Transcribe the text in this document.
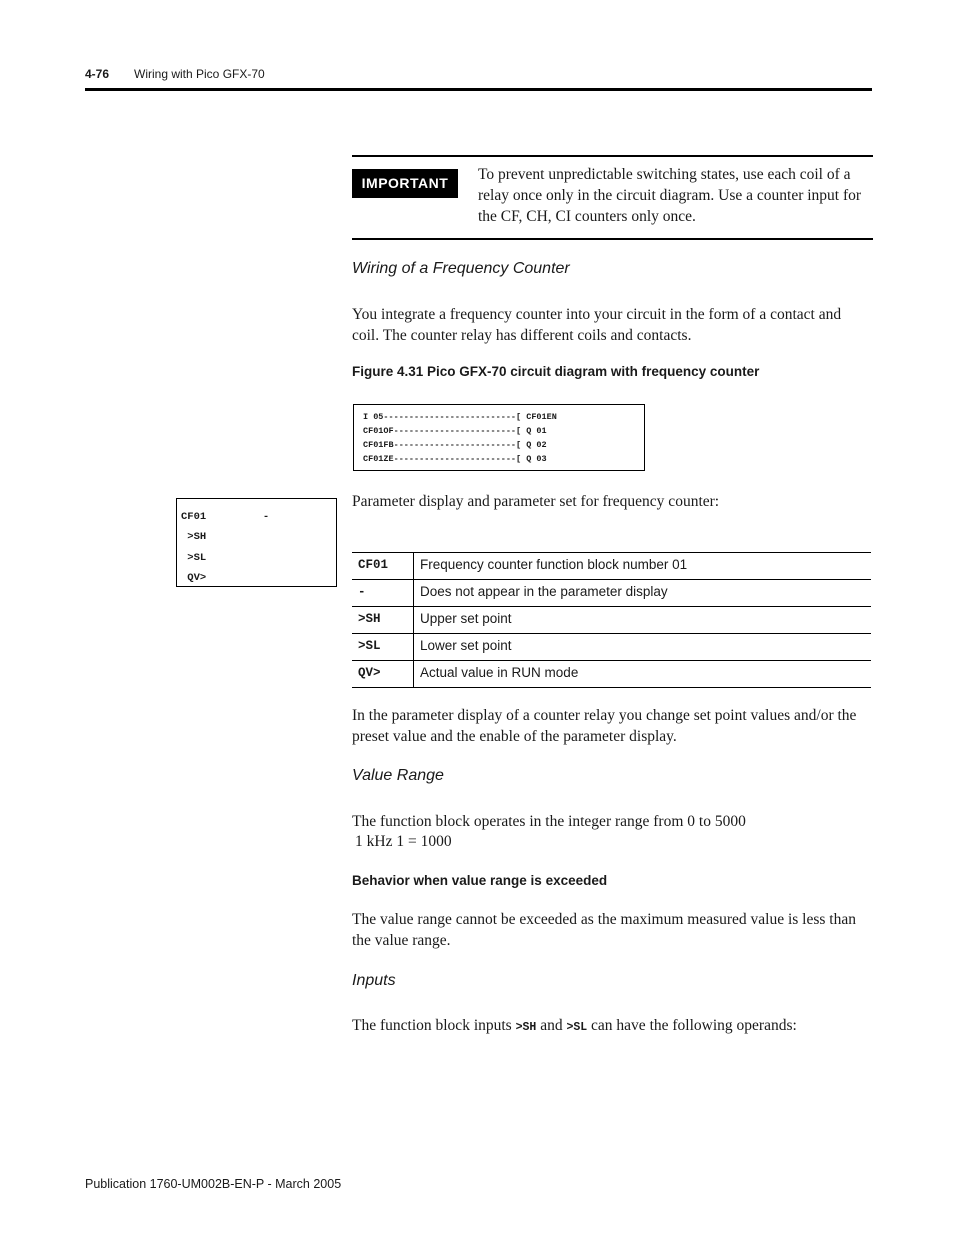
4-76 Wiring with Pico GFX-70
IMPORTANT	To prevent unpredictable switching states, use each coil of a relay once only in the circuit diagram. Use a counter input for the CF, CH, CI counters only once.
Wiring of a Frequency Counter
You integrate a frequency counter into your circuit in the form of a contact and coil. The counter relay has different coils and contacts.
Figure 4.31 Pico GFX-70 circuit diagram with frequency counter
I 05--------------------------[ CF01EN
CF01OF------------------------[ Q 01
CF01FB------------------------[ Q 02
CF01ZE------------------------[ Q 03
CF01         -
>SH
>SL
QV>
Parameter display and parameter set for frequency counter:
CF01 Frequency counter function block number 01
-	Does not appear in the parameter display
>SH	Upper set point
>SL	Lower set point
QV>	Actual value in RUN mode
In the parameter display of a counter relay you change set point values and/or the preset value and the enable of the parameter display.
Value Range
The function block operates in the integer range from 0 to 5000
1 kHz 1 = 1000
Behavior when value range is exceeded
The value range cannot be exceeded as the maximum measured value is less than the value range.
Inputs
The function block inputs >SH and >SL can have the following operands:
Publication 1760-UM002B-EN-P - March 2005
